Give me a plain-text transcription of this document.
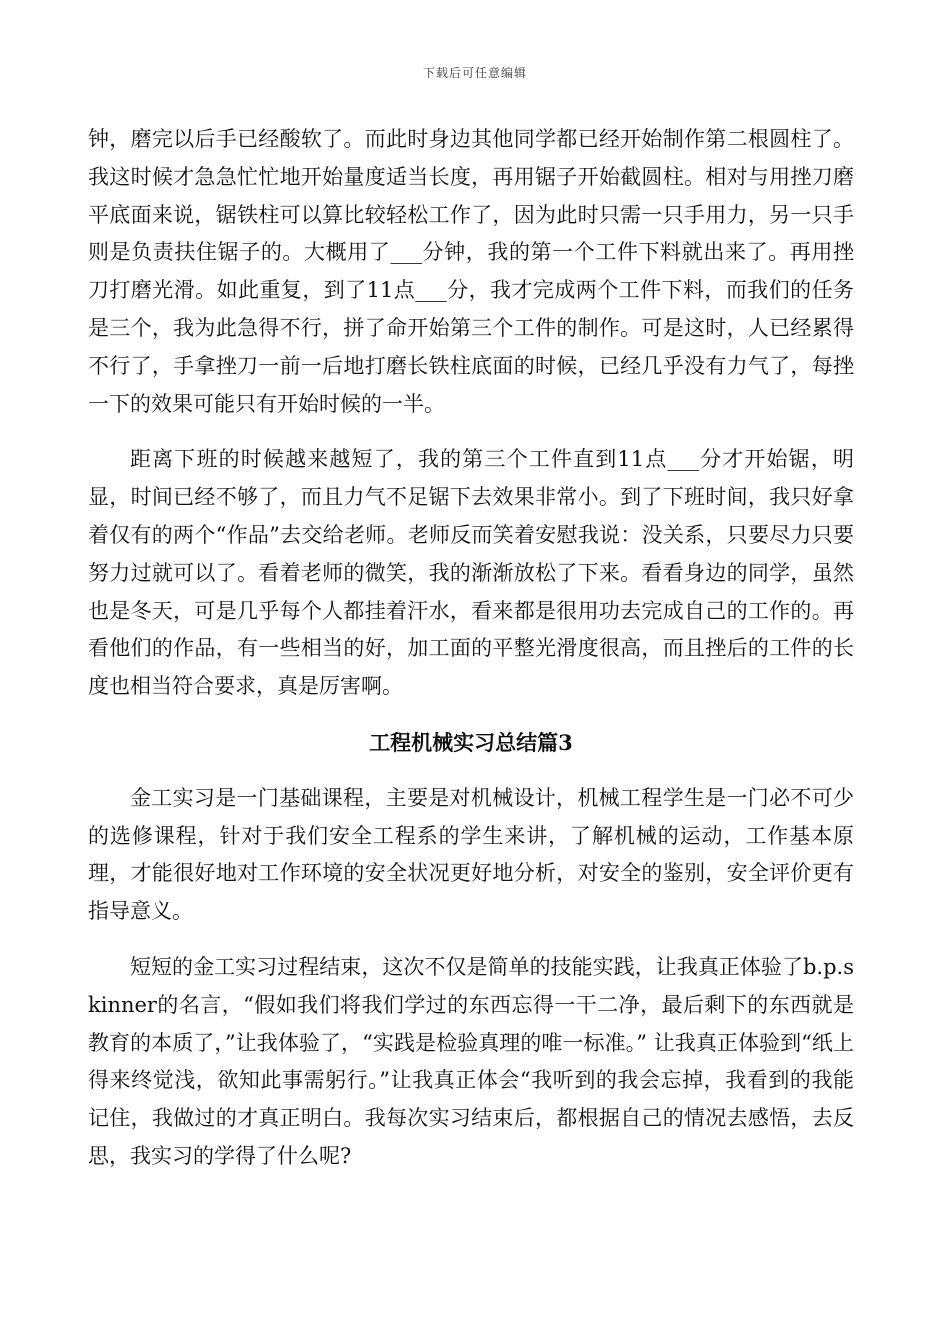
下载后可任意编辑

钟，磨完以后手已经酸软了。而此时身边其他同学都已经开始制作第二根圆柱了。我这时候才急急忙忙地开始量度适当长度，再用锯子开始截圆柱。相对与用挫刀磨平底面来说，锯铁柱可以算比较轻松工作了，因为此时只需一只手用力，另一只手则是负责扶住锯子的。大概用了___分钟，我的第一个工件下料就出来了。再用挫刀打磨光滑。如此重复，到了11点___分，我才完成两个工件下料，而我们的任务是三个，我为此急得不行，拼了命开始第三个工件的制作。可是这时，人已经累得不行了，手拿挫刀一前一后地打磨长铁柱底面的时候，已经几乎没有力气了，每挫一下的效果可能只有开始时候的一半。

距离下班的时候越来越短了，我的第三个工件直到11点___分才开始锯，明显，时间已经不够了，而且力气不足锯下去效果非常小。到了下班时间，我只好拿着仅有的两个“作品”去交给老师。老师反而笑着安慰我说：没关系，只要尽力只要努力过就可以了。看着老师的微笑，我的渐渐放松了下来。看看身边的同学，虽然也是冬天，可是几乎每个人都挂着汗水，看来都是很用功去完成自己的工作的。再看他们的作品，有一些相当的好，加工面的平整光滑度很高，而且挫后的工件的长度也相当符合要求，真是厉害啊。

工程机械实习总结篇3

金工实习是一门基础课程，主要是对机械设计，机械工程学生是一门必不可少的选修课程，针对于我们安全工程系的学生来讲，了解机械的运动，工作基本原理，才能很好地对工作环境的安全状况更好地分析，对安全的鉴别，安全评价更有指导意义。

短短的金工实习过程结束，这次不仅是简单的技能实践，让我真正体验了b.p.skinner的名言，“假如我们将我们学过的东西忘得一干二净，最后剩下的东西就是教育的本质了，”让我体验了，“实践是检验真理的唯一标准。” 让我真正体验到“纸上得来终觉浅，欲知此事需躬行。”让我真正体会“我听到的我会忘掉，我看到的我能记住，我做过的才真正明白。我每次实习结束后，都根据自己的情况去感悟，去反思，我实习的学得了什么呢?
